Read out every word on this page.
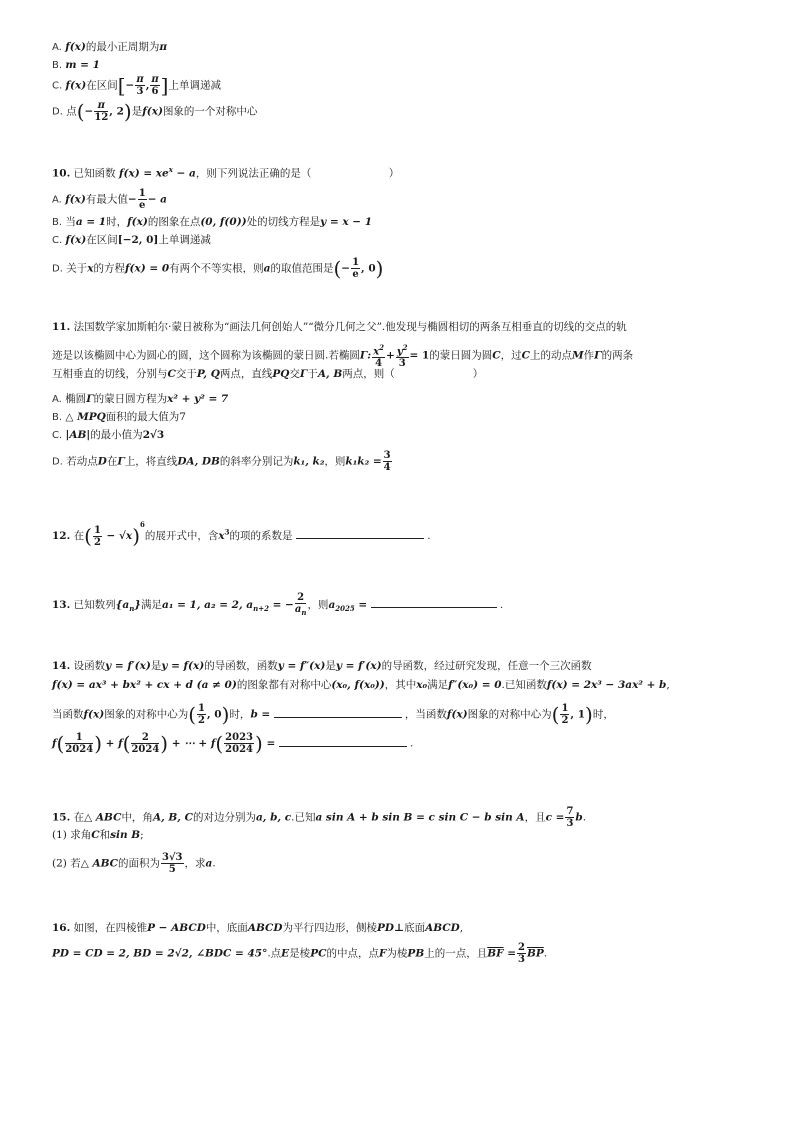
A. f(x)的最小正周期为π
B. m = 1
C. f(x)在区间[− $\frac{\pi}{3}$ , $\frac{\pi}{6}$ ]上单调递减
D. 点(− $\frac{\pi}{12}$ , 2)是f(x)图象的一个对称中心
10. 已知函数 $f(x) = xe^x - a$，则下列说法正确的是（	）
A. f(x)有最大值− $\frac{1}{e} - a$
B. 当a = 1时，f(x)的图象在点(0, f(0))处的切线方程是y = x − 1
C. f(x)在区间[−2, 0]上单调递减
D. 关于x的方程f(x) = 0有两个不等实根，则a的取值范围是(− $\frac{1}{e}$ , 0)
11. 法国数学家加斯帕尔·蒙日被称为“画法几何创始人”“微分几何之父”.他发现与椭圆相切的两条互相垂直的切线的交点的轨
迹是以该椭圆中心为圆心的圆，这个圆称为该椭圆的蒙日圆.若椭圆Γ: $\frac{x^2}{4} + \frac{y^2}{3} = 1$的蒙日圆为圆C，过C上的动点M作Γ的两条
互相垂直的切线，分别与C交于P, Q两点，直线PQ交Γ于A, B两点，则（	）
A. 椭圆Γ的蒙日圆方程为x² + y² = 7
B. △ MPQ面积的最大值为7
C. |AB|的最小值为2√3
D. 若动点D在Γ上，将直线DA, DB的斜率分别记为k₁, k₂，则$k_1k_2 = \frac{3}{4}$
12. 在( $\frac{1}{2} - √x)^6$的展开式中，含$x^3$的项的系数是	.
13. 已知数列$\{a_n\}$满足a₁ = 1, a₂ = 2, $a_{n+2}$ = − $\frac{2}{a_n}$ ，则$a_{2025}$ =	.
14. 设函数y = f′(x)是y = f(x)的导函数，函数y = f″(x)是y = f′(x)的导函数，经过研究发现，任意一个三次函数
f(x) = ax³ + bx² + cx + d (a ≠ 0)的图象都有对称中心(x₀, f(x₀))，其中x₀满足f″(x₀) = 0.已知函数f(x) = 2x³ − 3ax² + b,
当函数f(x)图象的对称中心为( $\frac{1}{2}$ , 0)时，b =	，当函数f(x)图象的对称中心为( $\frac{1}{2}$ , 1)时，
$f( \frac{1}{2024}$ ) + $f( \frac{2}{2024}$ ) + ⋯ + $f( \frac{2023}{2024}$ ) =	.
15. 在△ ABC中，角A, B, C的对边分别为a, b, c.已知a sin A + b sin B = c sin C − b sin A，且$c = \frac{7}{3} b$.
(1) 求角C和sin B;
(2) 若△ ABC的面积为 $\frac{3√3}{5}$ ，求a.
16. 如图，在四棱锥P − ABCD中，底面ABCD为平行四边形，侧棱PD⊥底面ABCD,
PD = CD = 2, BD = 2√2, ∠BDC = 45°.点E是棱PC的中点，点F为棱PB上的一点，且$\overline{BF} = \frac{2}{3} \overline{BP}$.
